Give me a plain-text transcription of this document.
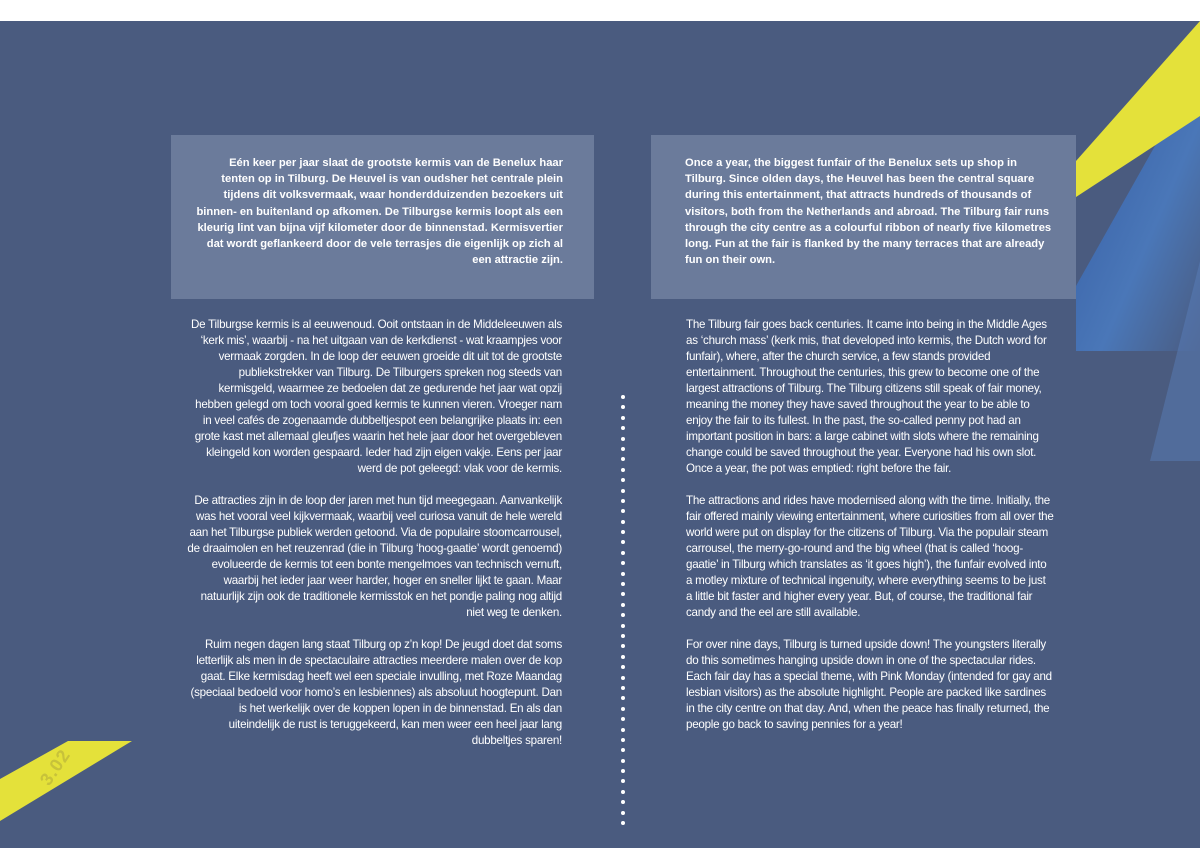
Eén keer per jaar slaat de grootste kermis van de Benelux haar tenten op in Tilburg. De Heuvel is van oudsher het centrale plein tijdens dit volksvermaak, waar honderdduizenden bezoekers uit binnen- en buitenland op afkomen. De Tilburgse kermis loopt als een kleurig lint van bijna vijf kilometer door de binnenstad. Kermisvertier dat wordt geflankeerd door de vele terrasjes die eigenlijk op zich al een attractie zijn.
Once a year, the biggest funfair of the Benelux sets up shop in Tilburg. Since olden days, the Heuvel has been the central square during this entertainment, that attracts hundreds of thousands of visitors, both from the Netherlands and abroad. The Tilburg fair runs through the city centre as a colourful ribbon of nearly five kilometres long. Fun at the fair is flanked by the many terraces that are already fun on their own.

De Tilburgse kermis is al eeuwenoud. Ooit ontstaan in de Middeleeuwen als ‘kerk mis’, waarbij - na het uitgaan van de kerkdienst - wat kraampjes voor vermaak zorgden. In de loop der eeuwen groeide dit uit tot de grootste publiekstrekker van Tilburg. De Tilburgers spreken nog steeds van kermisgeld, waarmee ze bedoelen dat ze gedurende het jaar wat opzij hebben gelegd om toch vooral goed kermis te kunnen vieren. Vroeger nam in veel cafés de zogenaamde dubbeltjespot een belangrijke plaats in: een grote kast met allemaal gleufjes waarin het hele jaar door het overgebleven kleingeld kon worden gespaard. Ieder had zijn eigen vakje. Eens per jaar werd de pot geleegd: vlak voor de kermis.

De attracties zijn in de loop der jaren met hun tijd meegegaan. Aanvankelijk was het vooral veel kijkvermaak, waarbij veel curiosa vanuit de hele wereld aan het Tilburgse publiek werden getoond. Via de populaire stoomcarrousel, de draaimolen en het reuzenrad (die in Tilburg ‘hoog-gaatie’ wordt genoemd) evolueerde de kermis tot een bonte mengelmoes van technisch vernuft, waarbij het ieder jaar weer harder, hoger en sneller lijkt te gaan. Maar natuurlijk zijn ook de traditionele kermisstok en het pondje paling nog altijd niet weg te denken.

Ruim negen dagen lang staat Tilburg op z’n kop! De jeugd doet dat soms letterlijk als men in de spectaculaire attracties meerdere malen over de kop gaat. Elke kermisdag heeft wel een speciale invulling, met Roze Maandag (speciaal bedoeld voor homo’s en lesbiennes) als absoluut hoogtepunt. Dan is het werkelijk over de koppen lopen in de binnenstad. En als dan uiteindelijk de rust is teruggekeerd, kan men weer een heel jaar lang dubbeltjes sparen!

The Tilburg fair goes back centuries. It came into being in the Middle Ages as ‘church mass’ (kerk mis, that developed into kermis, the Dutch word for funfair), where, after the church service, a few stands provided entertainment. Throughout the centuries, this grew to become one of the largest attractions of Tilburg. The Tilburg citizens still speak of fair money, meaning the money they have saved throughout the year to be able to enjoy the fair to its fullest. In the past, the so-called penny pot had an important position in bars: a large cabinet with slots where the remaining change could be saved throughout the year. Everyone had his own slot. Once a year, the pot was emptied: right before the fair.

The attractions and rides have modernised along with the time. Initially, the fair offered mainly viewing entertainment, where curiosities from all over the world were put on display for the citizens of Tilburg. Via the populair steam carrousel, the merry-go-round and the big wheel (that is called ‘hoog-gaatie’ in Tilburg which translates as ‘it goes high’), the funfair evolved into a motley mixture of technical ingenuity, where everything seems to be just a little bit faster and higher every year. But, of course, the traditional fair candy and the eel are still available.

For over nine days, Tilburg is turned upside down! The youngsters literally do this sometimes hanging upside down in one of the spectacular rides. Each fair day has a special theme, with Pink Monday (intended for gay and lesbian visitors) as the absolute highlight. People are packed like sardines in the city centre on that day. And, when the peace has finally returned, the people go back to saving pennies for a year!

3.02
